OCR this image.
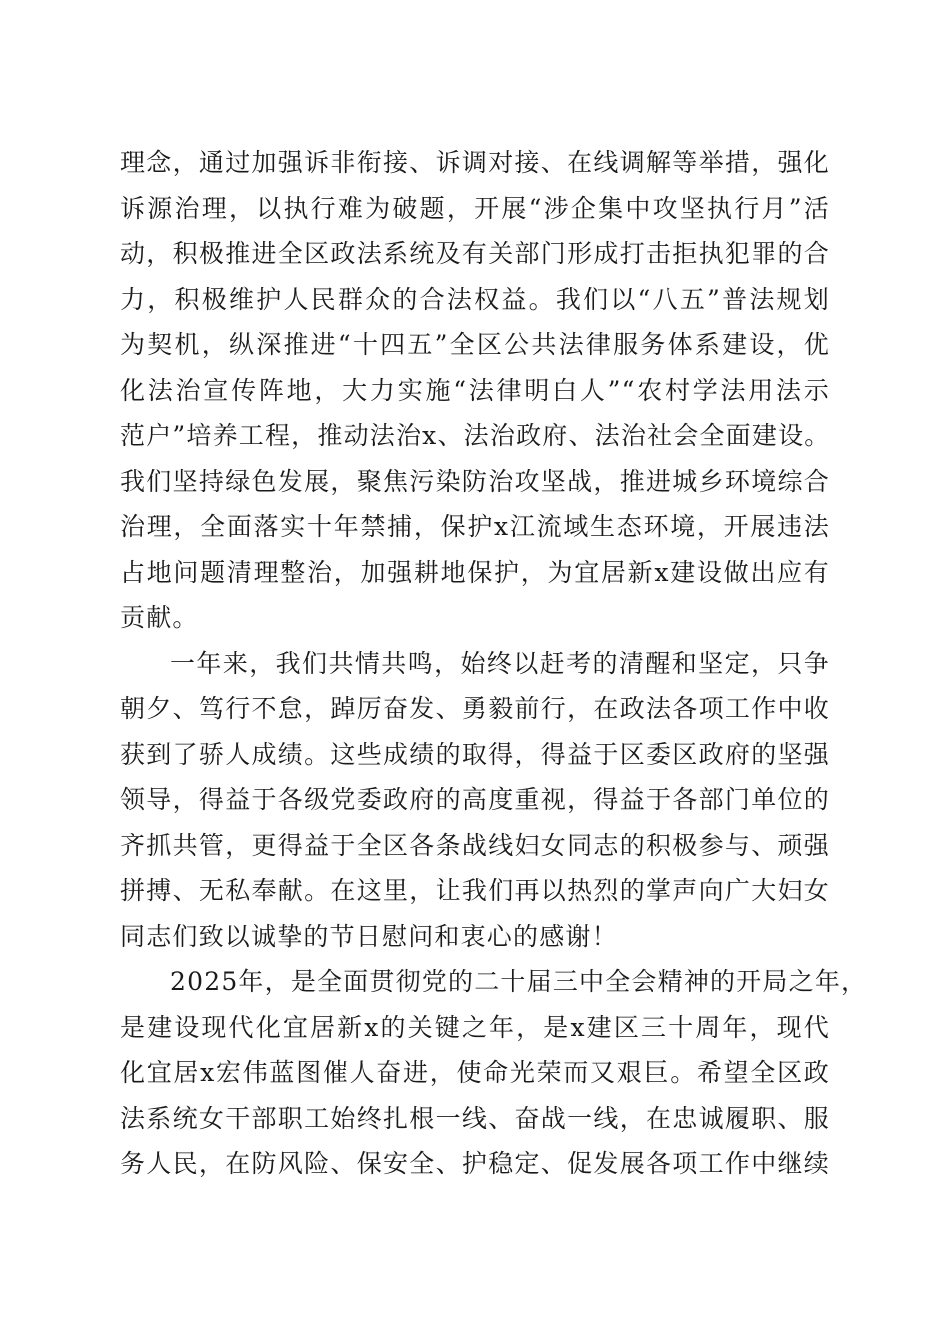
理念，通过加强诉非衔接、诉调对接、在线调解等举措，强化
诉源治理，以执行难为破题，开展“涉企集中攻坚执行月”活
动，积极推进全区政法系统及有关部门形成打击拒执犯罪的合
力，积极维护人民群众的合法权益。我们以“八五”普法规划
为契机，纵深推进“十四五”全区公共法律服务体系建设，优
化法治宣传阵地，大力实施“法律明白人”“农村学法用法示
范户”培养工程，推动法治x、法治政府、法治社会全面建设。
我们坚持绿色发展，聚焦污染防治攻坚战，推进城乡环境综合
治理，全面落实十年禁捕，保护x江流域生态环境，开展违法
占地问题清理整治，加强耕地保护，为宜居新x建设做出应有
贡献。
一年来，我们共情共鸣，始终以赶考的清醒和坚定，只争
朝夕、笃行不怠，踔厉奋发、勇毅前行，在政法各项工作中收
获到了骄人成绩。这些成绩的取得，得益于区委区政府的坚强
领导，得益于各级党委政府的高度重视，得益于各部门单位的
齐抓共管，更得益于全区各条战线妇女同志的积极参与、顽强
拼搏、无私奉献。在这里，让我们再以热烈的掌声向广大妇女
同志们致以诚挚的节日慰问和衷心的感谢！
2025年，是全面贯彻党的二十届三中全会精神的开局之年，
是建设现代化宜居新x的关键之年，是x建区三十周年，现代
化宜居x宏伟蓝图催人奋进，使命光荣而又艰巨。希望全区政
法系统女干部职工始终扎根一线、奋战一线，在忠诚履职、服
务人民，在防风险、保安全、护稳定、促发展各项工作中继续
